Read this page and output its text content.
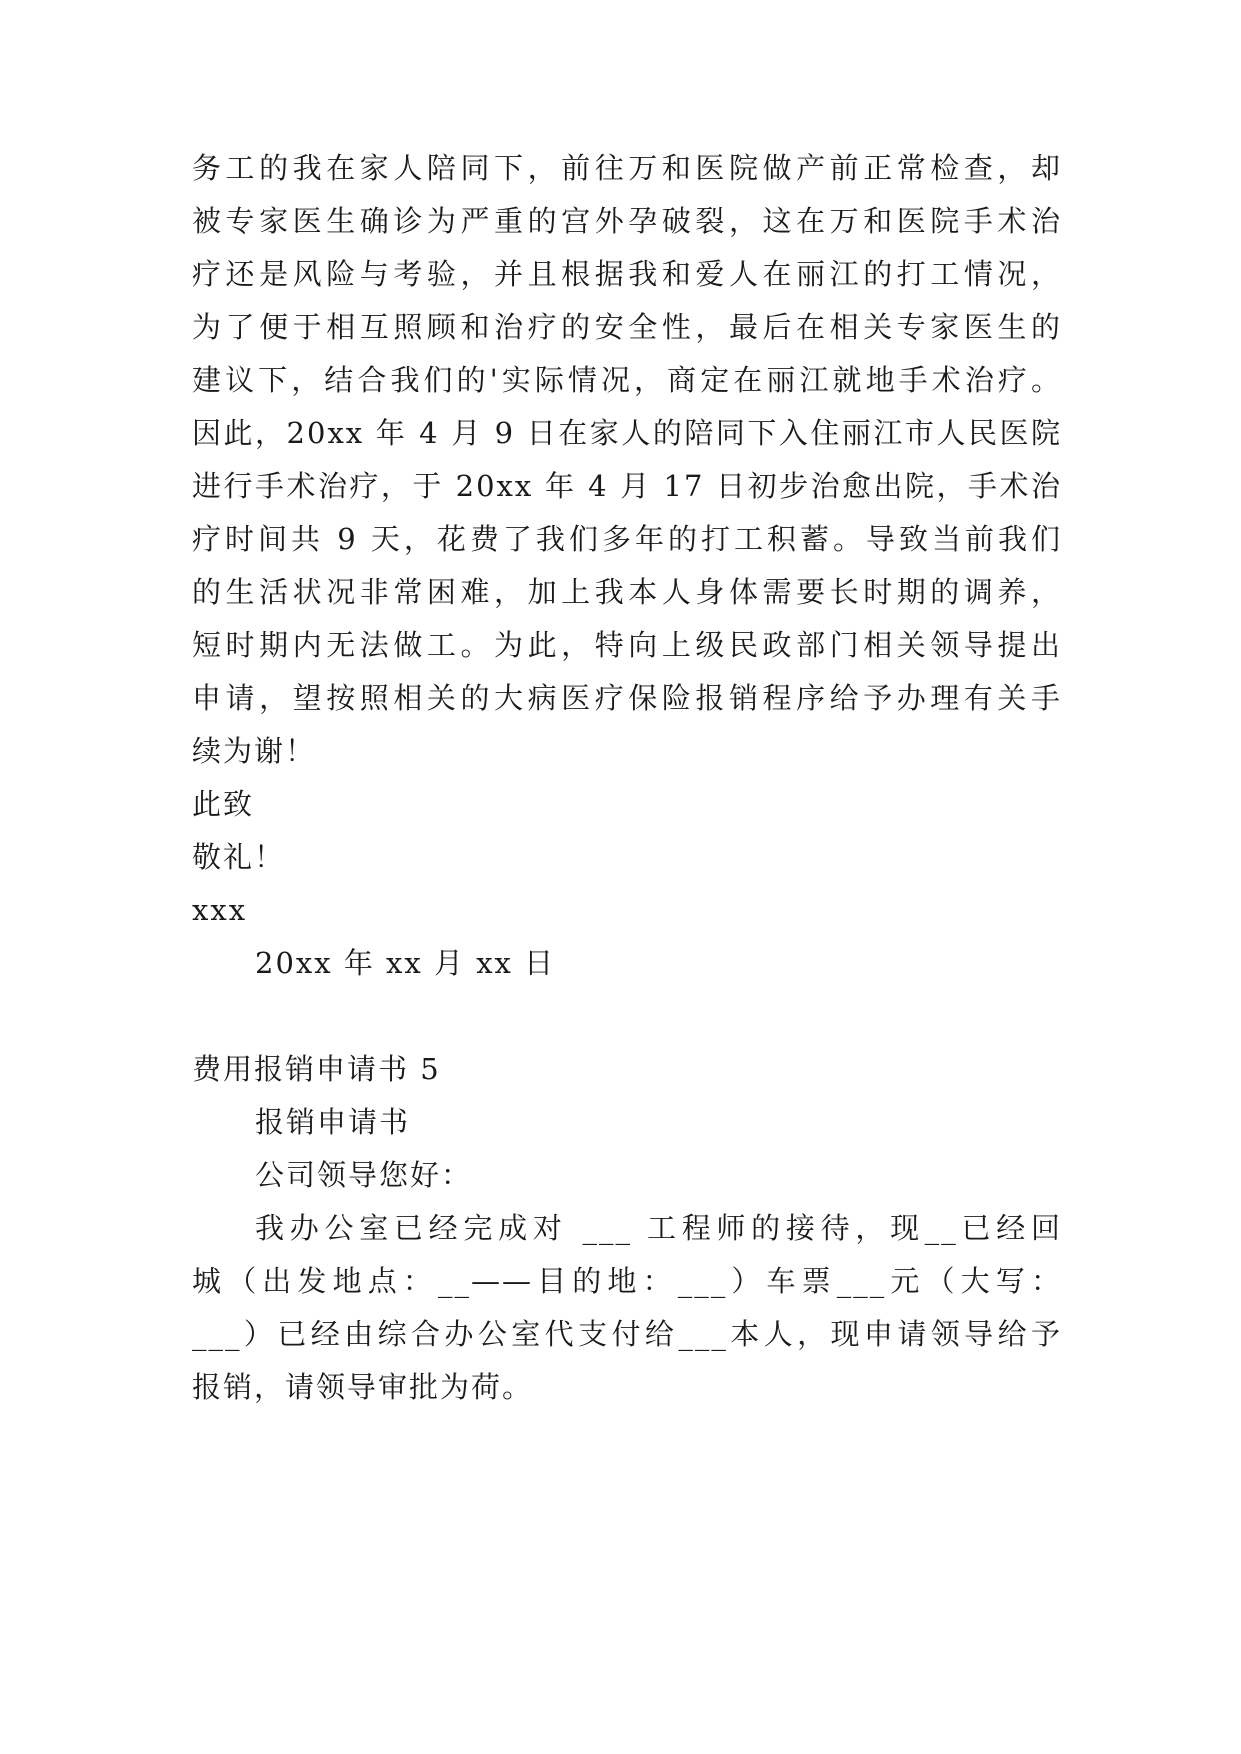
务工的我在家人陪同下，前往万和医院做产前正常检查，却
被专家医生确诊为严重的宫外孕破裂，这在万和医院手术治
疗还是风险与考验，并且根据我和爱人在丽江的打工情况，
为了便于相互照顾和治疗的安全性，最后在相关专家医生的
建议下，结合我们的'实际情况，商定在丽江就地手术治疗。
因此，20xx 年 4 月 9 日在家人的陪同下入住丽江市人民医院
进行手术治疗，于 20xx 年 4 月 17 日初步治愈出院，手术治
疗时间共 9 天，花费了我们多年的打工积蓄。导致当前我们
的生活状况非常困难，加上我本人身体需要长时期的调养，
短时期内无法做工。为此，特向上级民政部门相关领导提出
申请，望按照相关的大病医疗保险报销程序给予办理有关手
续为谢！
此致
敬礼！
xxx
20xx 年 xx 月 xx 日
费用报销申请书 5
报销申请书
公司领导您好：
我办公室已经完成对 ___ 工程师的接待，现__已经回
城（出发地点：__——目的地：___）车票___元（大写：
___）已经由综合办公室代支付给___本人，现申请领导给予
报销，请领导审批为荷。
